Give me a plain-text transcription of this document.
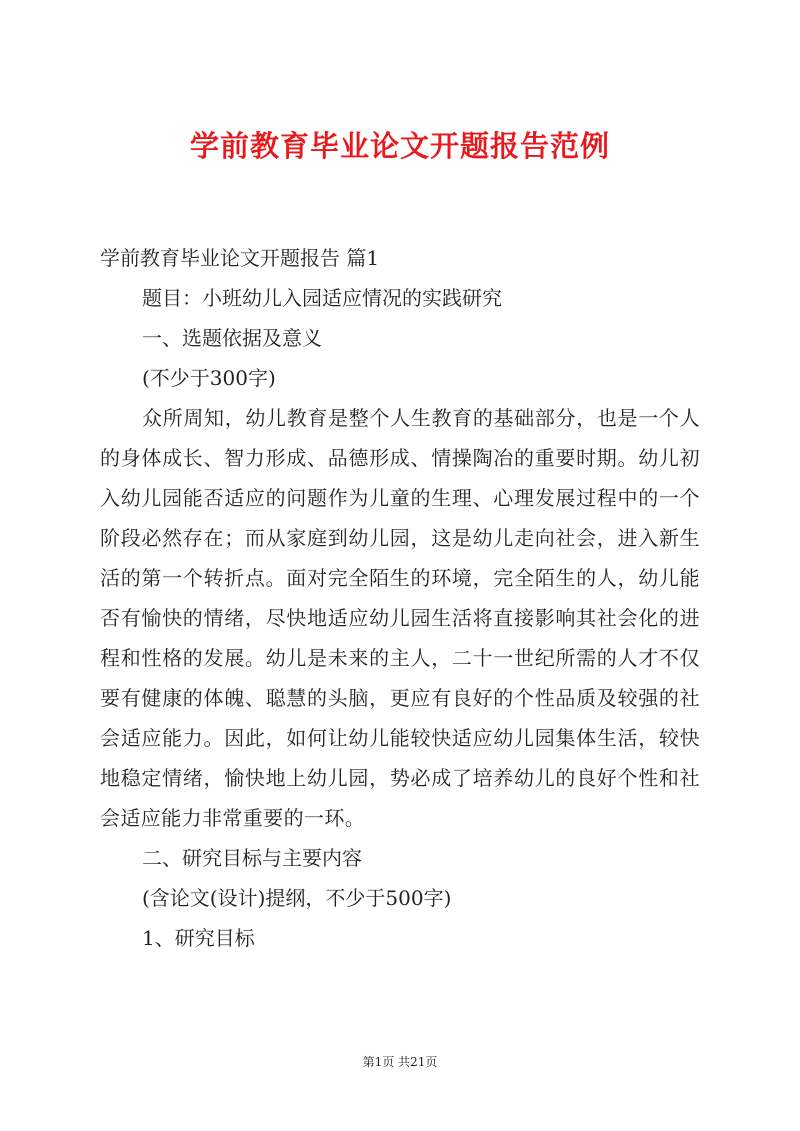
学前教育毕业论文开题报告范例
学前教育毕业论文开题报告 篇1
题目：小班幼儿入园适应情况的实践研究
一、选题依据及意义
(不少于300字)
众所周知，幼儿教育是整个人生教育的基础部分，也是一个人的身体成长、智力形成、品德形成、情操陶冶的重要时期。幼儿初入幼儿园能否适应的问题作为儿童的生理、心理发展过程中的一个阶段必然存在；而从家庭到幼儿园，这是幼儿走向社会，进入新生活的第一个转折点。面对完全陌生的环境，完全陌生的人，幼儿能否有愉快的情绪，尽快地适应幼儿园生活将直接影响其社会化的进程和性格的发展。幼儿是未来的主人，二十一世纪所需的人才不仅要有健康的体魄、聪慧的头脑，更应有良好的个性品质及较强的社会适应能力。因此，如何让幼儿能较快适应幼儿园集体生活，较快地稳定情绪，愉快地上幼儿园，势必成了培养幼儿的良好个性和社会适应能力非常重要的一环。
二、研究目标与主要内容
(含论文(设计)提纲，不少于500字)
1、研究目标
第1页 共21页
